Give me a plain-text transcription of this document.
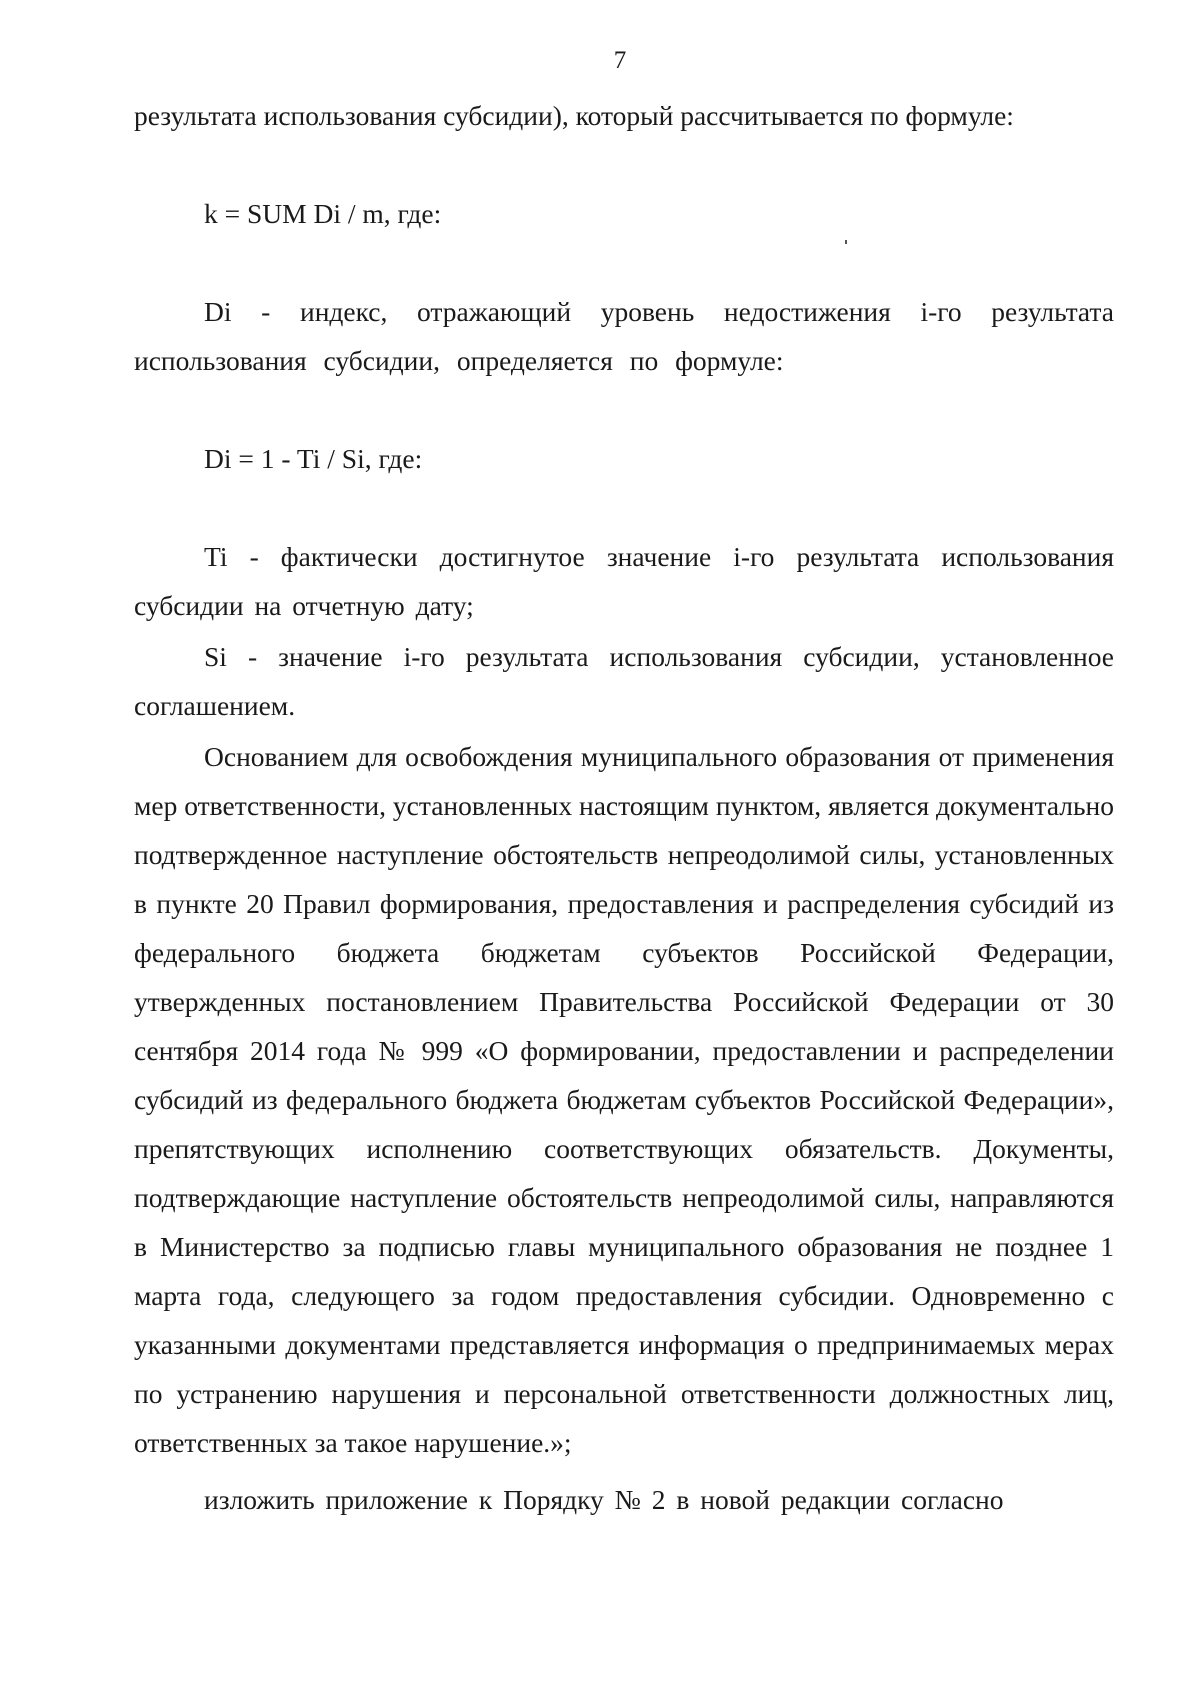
7

результата использования субсидии), который рассчитывается по формуле:

k = SUM Di / m, где:

Di - индекс, отражающий уровень недостижения i-го результата использования субсидии, определяется по формуле:

Di = 1 - Ti / Si, где:

Ti - фактически достигнутое значение i-го результата использования субсидии на отчетную дату;

Si - значение i-го результата использования субсидии, установленное соглашением.

Основанием для освобождения муниципального образования от применения мер ответственности, установленных настоящим пунктом, является документально подтвержденное наступление обстоятельств непреодолимой силы, установленных в пункте 20 Правил формирования, предоставления и распределения субсидий из федерального бюджета бюджетам субъектов Российской Федерации, утвержденных постановлением Правительства Российской Федерации от 30 сентября 2014 года № 999 «О формировании, предоставлении и распределении субсидий из федерального бюджета бюджетам субъектов Российской Федерации», препятствующих исполнению соответствующих обязательств. Документы, подтверждающие наступление обстоятельств непреодолимой силы, направляются в Министерство за подписью главы муниципального образования не позднее 1 марта года, следующего за годом предоставления субсидии. Одновременно с указанными документами представляется информация о предпринимаемых мерах по устранению нарушения и персональной ответственности должностных лиц, ответственных за такое нарушение.»;

изложить приложение к Порядку № 2 в новой редакции согласно
